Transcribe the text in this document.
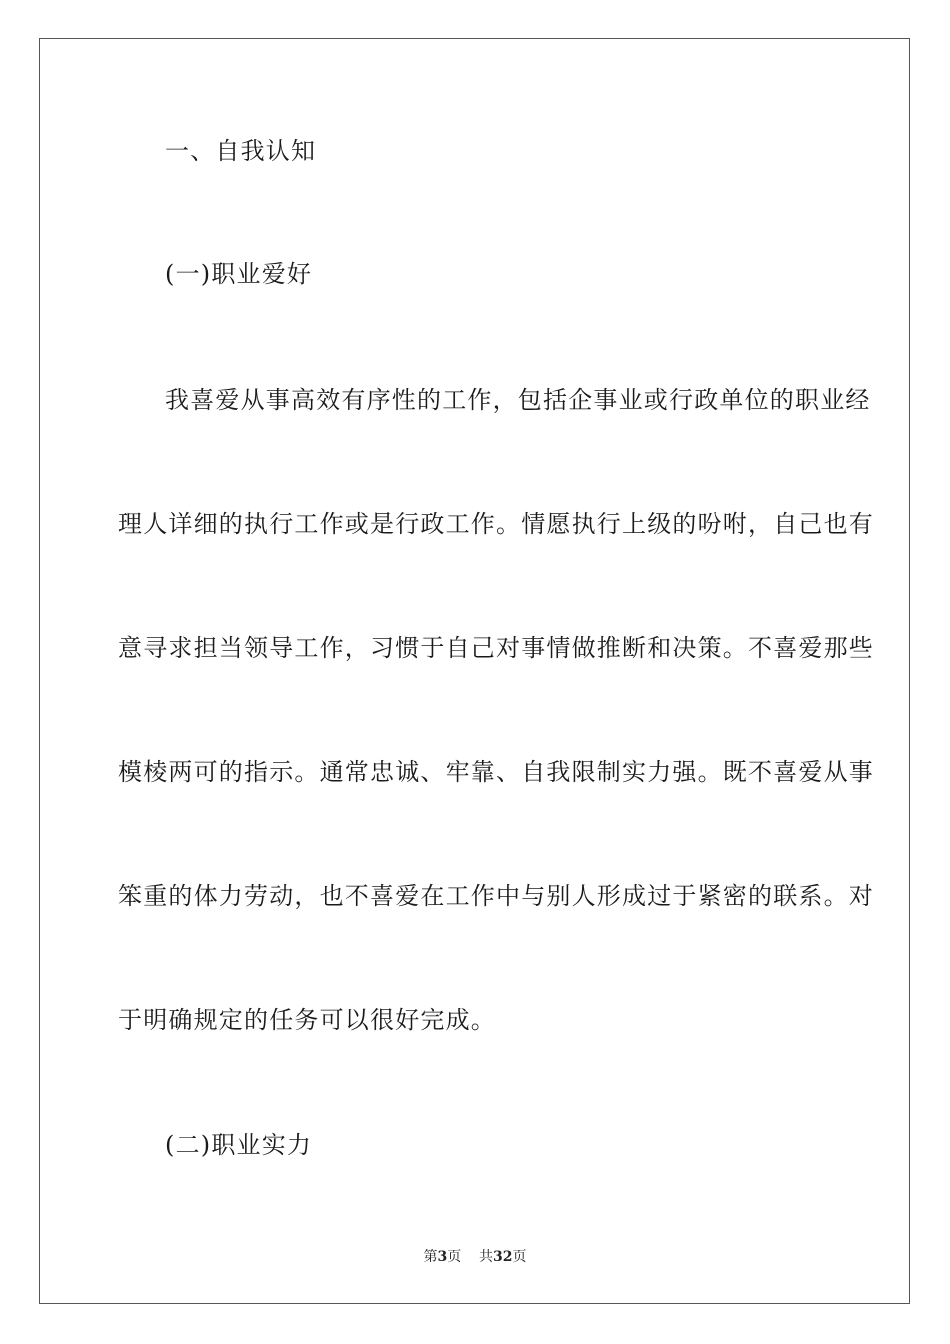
一、自我认知
(一)职业爱好
我喜爱从事高效有序性的工作，包括企事业或行政单位的职业经
理人详细的执行工作或是行政工作。情愿执行上级的吩咐，自己也有
意寻求担当领导工作，习惯于自己对事情做推断和决策。不喜爱那些
模棱两可的指示。通常忠诚、牢靠、自我限制实力强。既不喜爱从事
笨重的体力劳动，也不喜爱在工作中与别人形成过于紧密的联系。对
于明确规定的任务可以很好完成。
(二)职业实力
第3页 共32页
